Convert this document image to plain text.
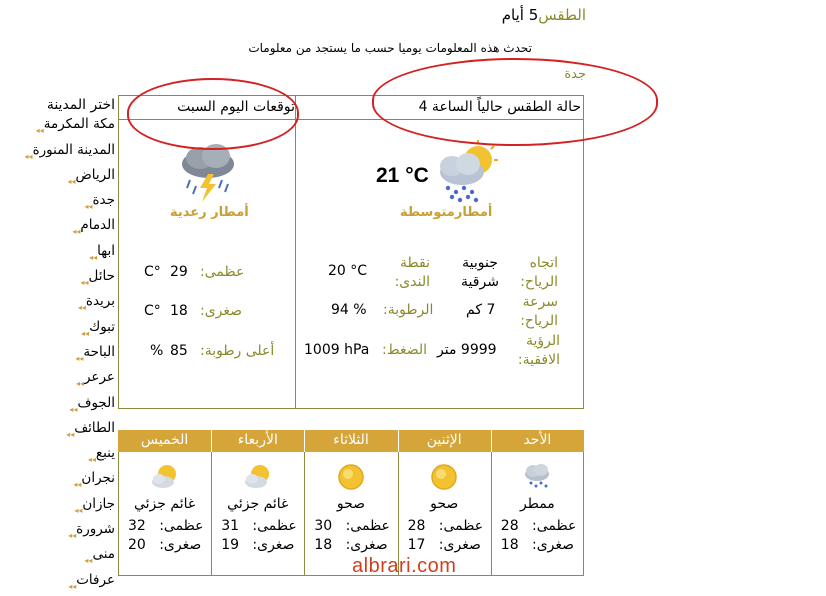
الطقس5 أيام
تحدث هذه المعلومات يوميا حسب ما يستجد من معلومات
جدة
اختر المدينة
مكة المكرمة
◂◂
المدينة المنورة
◂◂
الرياض
◂◂
جدة
◂◂
الدمام
◂◂
ابها
◂◂
حائل
◂◂
بريدة
◂◂
تبوك
◂◂
الباحة
◂◂
عرعر
◂◂
الجوف
◂◂
الطائف
◂◂
ينبع
◂◂
نجران
◂◂
جازان
◂◂
شرورة
◂◂
منى
◂◂
عرفات
◂◂
حالة الطقس حالياً الساعة 4
توقعات اليوم السبت
21 °C
أمطارمتوسطة
أمطار رعدية
اتجاه الرياح:
جنوبية شرقية
نقطة الندى:
20 °C
سرعة الرياح:
7 كم
الرطوبة:
94 %
الرؤية الافقية:
9999 متر
الضغط:
1009 hPa
عظمى:
29
C°
صغرى:
18
C°
أعلى رطوبة:
85
%
الأحد
ممطر
عظمى:
28
صغرى:
18
الإثنين
صحو
عظمى:
28
صغرى:
17
الثلاثاء
صحو
عظمى:
30
صغرى:
18
الأربعاء
غائم جزئي
عظمى:
31
صغرى:
19
الخميس
غائم جزئي
عظمى:
32
صغرى:
20
albrari.com
